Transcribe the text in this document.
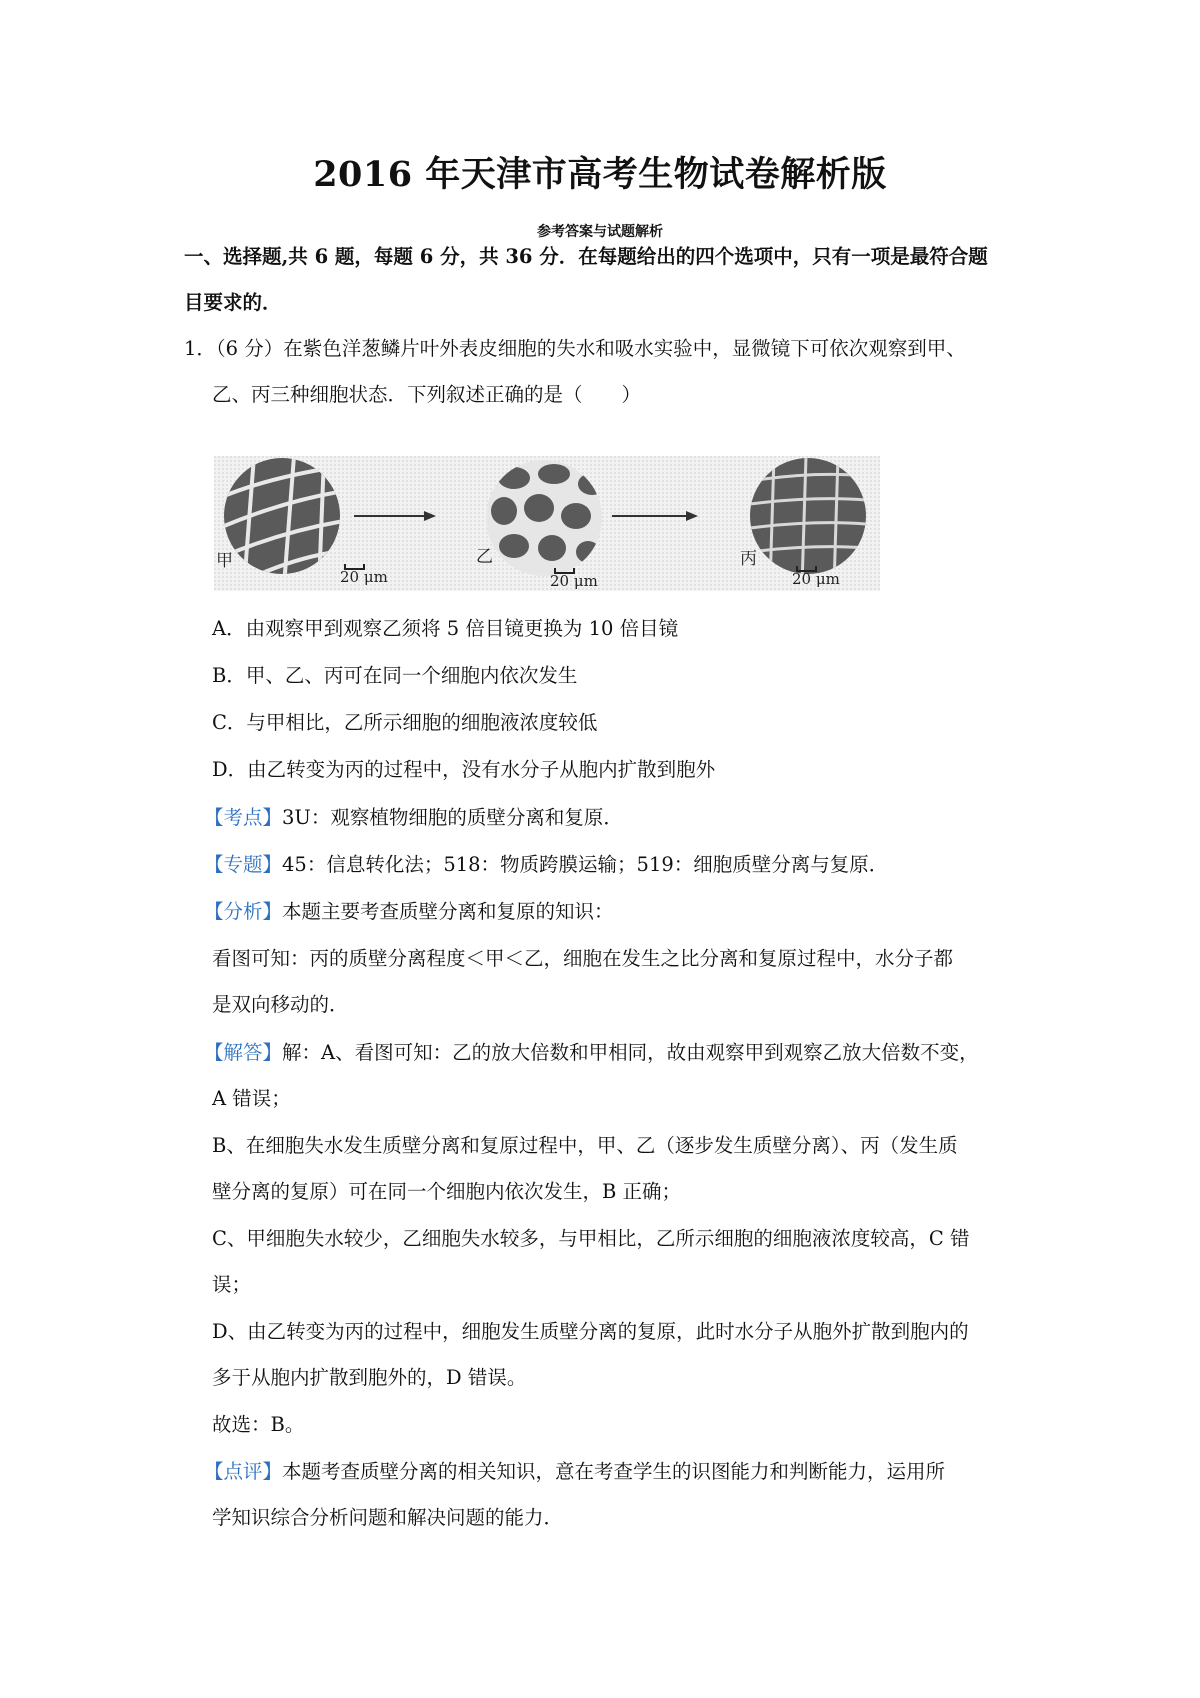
2016 年天津市高考生物试卷解析版
参考答案与试题解析
一、选择题,共 6 题，每题 6 分，共 36 分．在每题给出的四个选项中，只有一项是最符合题
目要求的．
1．（6 分）在紫色洋葱鳞片叶外表皮细胞的失水和吸水实验中，显微镜下可依次观察到甲、
乙、丙三种细胞状态．下列叙述正确的是（　　）
甲	乙	丙
20 μm	20 μm	20 μm
A．由观察甲到观察乙须将 5 倍目镜更换为 10 倍目镜
B．甲、乙、丙可在同一个细胞内依次发生
C．与甲相比，乙所示细胞的细胞液浓度较低
D．由乙转变为丙的过程中，没有水分子从胞内扩散到胞外
【考点】3U：观察植物细胞的质壁分离和复原．
【专题】45：信息转化法；518：物质跨膜运输；519：细胞质壁分离与复原．
【分析】本题主要考查质壁分离和复原的知识：
看图可知：丙的质壁分离程度＜甲＜乙，细胞在发生之比分离和复原过程中，水分子都
是双向移动的．
【解答】解：A、看图可知：乙的放大倍数和甲相同，故由观察甲到观察乙放大倍数不变，
A 错误；
B、在细胞失水发生质壁分离和复原过程中，甲、乙（逐步发生质壁分离）、丙（发生质
壁分离的复原）可在同一个细胞内依次发生，B 正确；
C、甲细胞失水较少，乙细胞失水较多，与甲相比，乙所示细胞的细胞液浓度较高，C 错
误；
D、由乙转变为丙的过程中，细胞发生质壁分离的复原，此时水分子从胞外扩散到胞内的
多于从胞内扩散到胞外的，D 错误。
故选：B。
【点评】本题考查质壁分离的相关知识，意在考查学生的识图能力和判断能力，运用所
学知识综合分析问题和解决问题的能力．
